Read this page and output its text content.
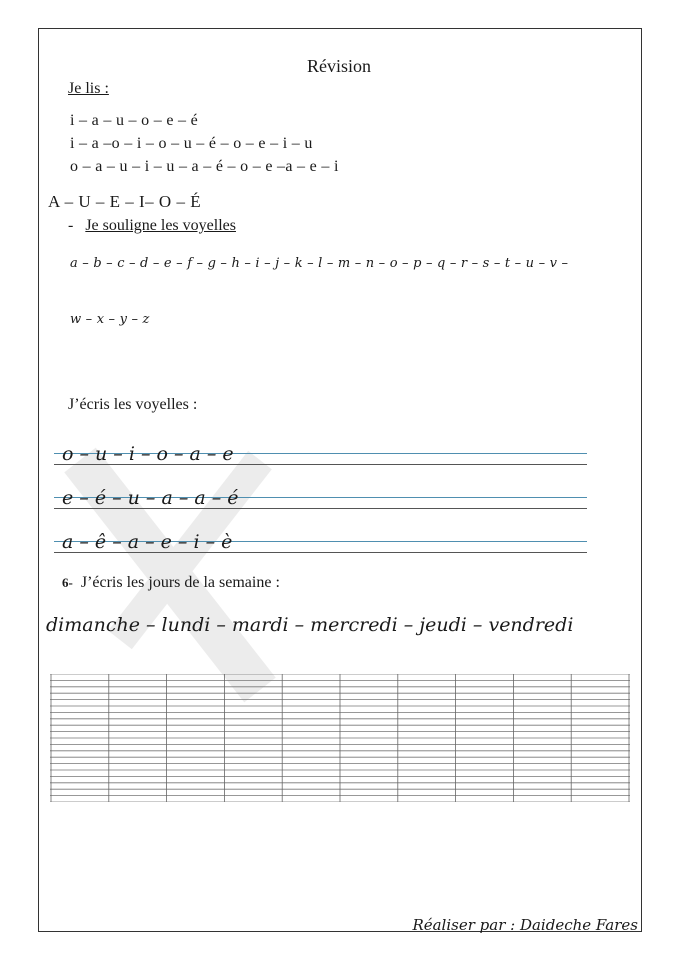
Révision
Je lis :
i – a – u – o – e – é
i – a –o – i – o – u – é – o – e – i – u
o – a – u – i – u – a – é – o – e –a – e – i
A – U – E – I– O – É
- Je souligne les voyelles
a – b – c – d – e – f – g – h – i – j – k – l – m – n – o – p – q – r – s – t – u – v –
w – x – y – z
J’écris les voyelles :
o – u – i – o – a – e
e – é – u – a – a – é
a – ê – a – e – i – è
6- J’écris les jours de la semaine :
dimanche – lundi – mardi – mercredi – jeudi – vendredi
Réaliser par : Daideche Fares
